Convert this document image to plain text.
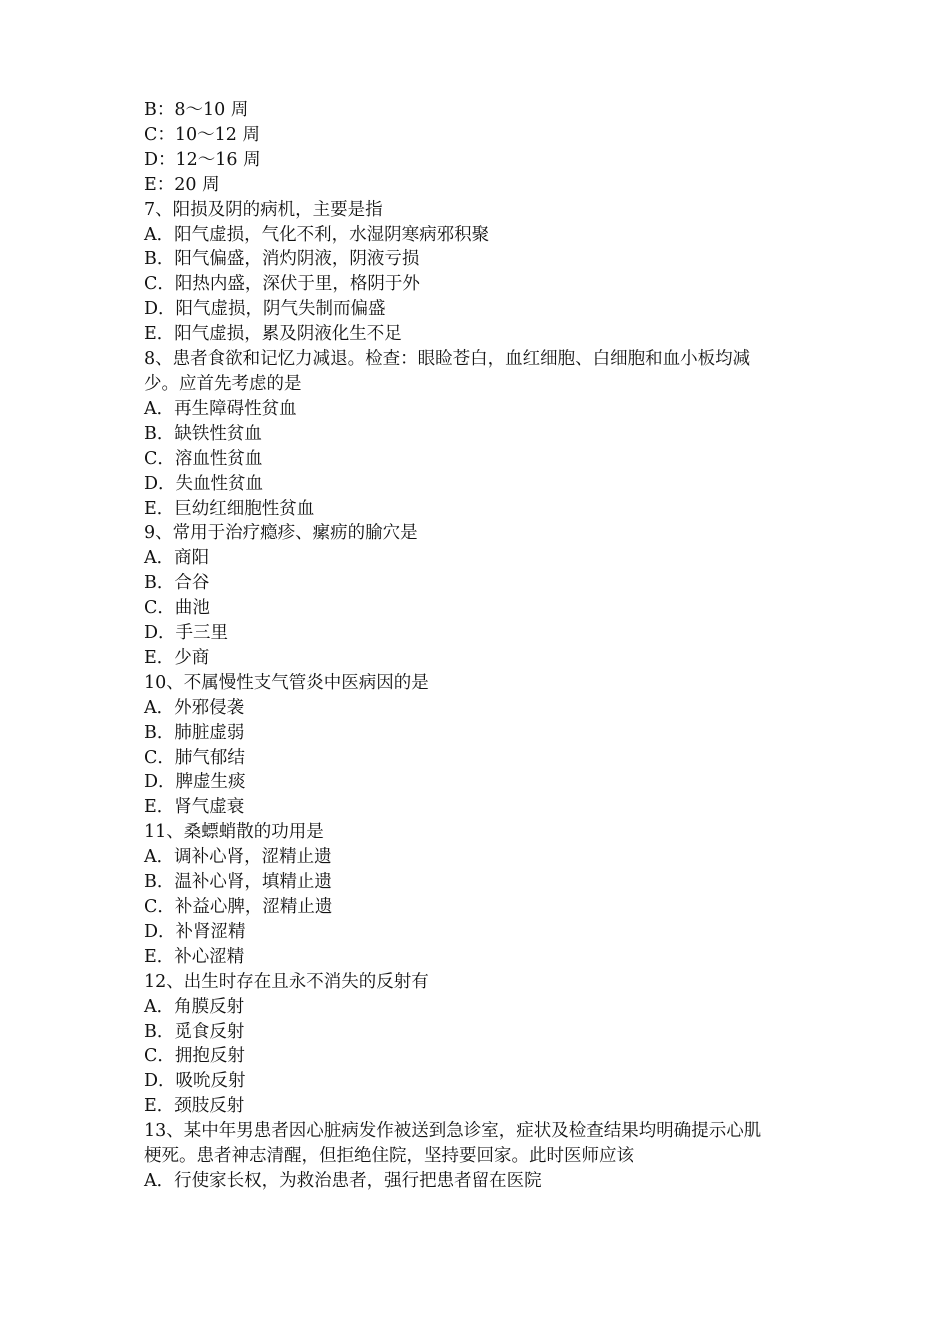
B：8～10 周
C：10～12 周
D：12～16 周
E：20 周
7、阳损及阴的病机，主要是指
A．阳气虚损，气化不利，水湿阴寒病邪积聚
B．阳气偏盛，消灼阴液，阴液亏损
C．阳热内盛，深伏于里，格阴于外
D．阳气虚损，阴气失制而偏盛
E．阳气虚损，累及阴液化生不足
8、患者食欲和记忆力减退。检查：眼睑苍白，血红细胞、白细胞和血小板均减
少。应首先考虑的是
A．再生障碍性贫血
B．缺铁性贫血
C．溶血性贫血
D．失血性贫血
E．巨幼红细胞性贫血
9、常用于治疗瘾疹、瘰疬的腧穴是
A．商阳
B．合谷
C．曲池
D．手三里
E．少商
10、不属慢性支气管炎中医病因的是
A．外邪侵袭
B．肺脏虚弱
C．肺气郁结
D．脾虚生痰
E．肾气虚衰
11、桑螵蛸散的功用是
A．调补心肾，涩精止遗
B．温补心肾，填精止遗
C．补益心脾，涩精止遗
D．补肾涩精
E．补心涩精
12、出生时存在且永不消失的反射有
A．角膜反射
B．觅食反射
C．拥抱反射
D．吸吮反射
E．颈肢反射
13、某中年男患者因心脏病发作被送到急诊室，症状及检查结果均明确提示心肌
梗死。患者神志清醒，但拒绝住院，坚持要回家。此时医师应该
A．行使家长权，为救治患者，强行把患者留在医院
